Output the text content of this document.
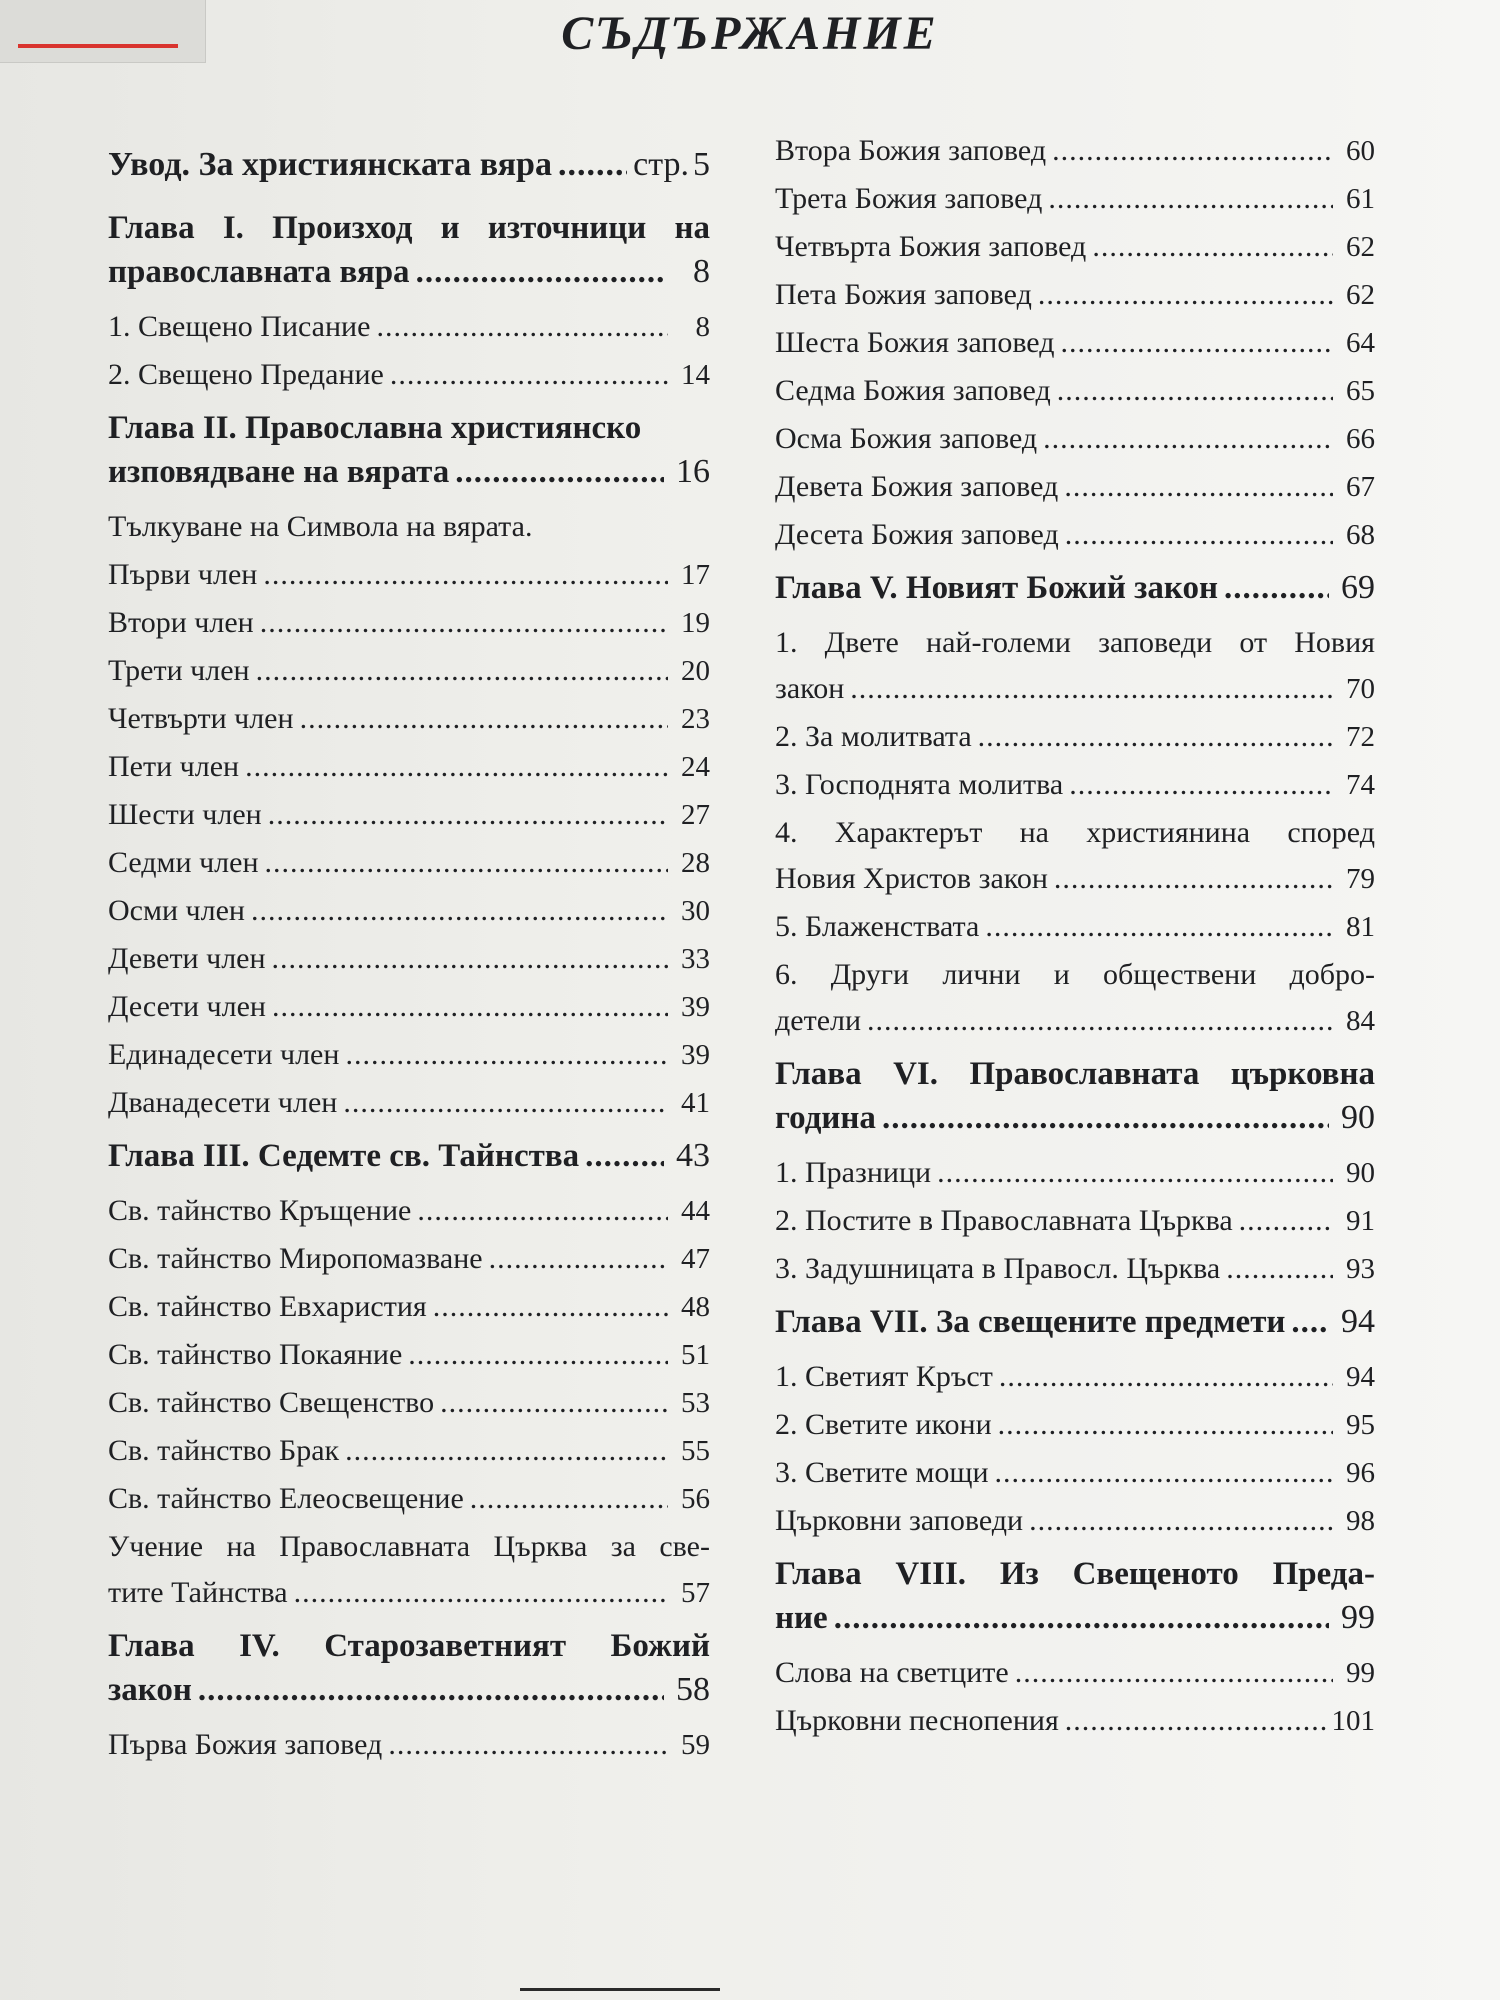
СЪДЪРЖАНИЕ
Увод. За християнската вяра ..... стр. 5
Глава I. Произход и източници на
православната вяра .....	8
1. Свещено Писание .....	8
2. Свещено Предание .....	14
Глава II. Православна християнско
изповядване на вярата .....	16
Тълкуване на Символа на вярата.
Първи член .....	17
Втори член .....	19
Трети член .....	20
Четвърти член .....	23
Пети член .....	24
Шести член .....	27
Седми член .....	28
Осми член .....	30
Девети член .....	33
Десети член .....	39
Единадесети член .....	39
Дванадесети член .....	41
Глава III. Седемте св. Тайнства .....	43
Св. тайнство Кръщение .....	44
Св. тайнство Миропомазване .....	47
Св. тайнство Евхаристия .....	48
Св. тайнство Покаяние .....	51
Св. тайнство Свещенство .....	53
Св. тайнство Брак .....	55
Св. тайнство Елеосвещение .....	56
Учение на Православната Църква за све-
тите Тайнства .....	57
Глава IV. Старозаветният Божий
закон .....	58
Първа Божия заповед .....	59
Втора Божия заповед .....	60
Трета Божия заповед .....	61
Четвърта Божия заповед .....	62
Пета Божия заповед .....	62
Шеста Божия заповед .....	64
Седма Божия заповед .....	65
Осма Божия заповед .....	66
Девета Божия заповед .....	67
Десета Божия заповед .....	68
Глава V. Новият Божий закон .....	69
1. Двете най-големи заповеди от Новия
закон .....	70
2. За молитвата .....	72
3. Господнята молитва .....	74
4. Характерът на християнина според
Новия Христов закон .....	79
5. Блаженствата .....	81
6. Други лични и обществени добро-
детели .....	84
Глава VI. Православната църковна
година .....	90
1. Празници .....	90
2. Постите в Православната Църква .....	91
3. Задушницата в Правосл. Църква .....	93
Глава VII. За свещените предмети ..... 94
1. Светият Кръст .....	94
2. Светите икони .....	95
3. Светите мощи .....	96
Църковни заповеди .....	98
Глава VIII. Из Свещеното Преда-
ние .....	99
Слова на светците .....	99
Църковни песнопения .....	101
